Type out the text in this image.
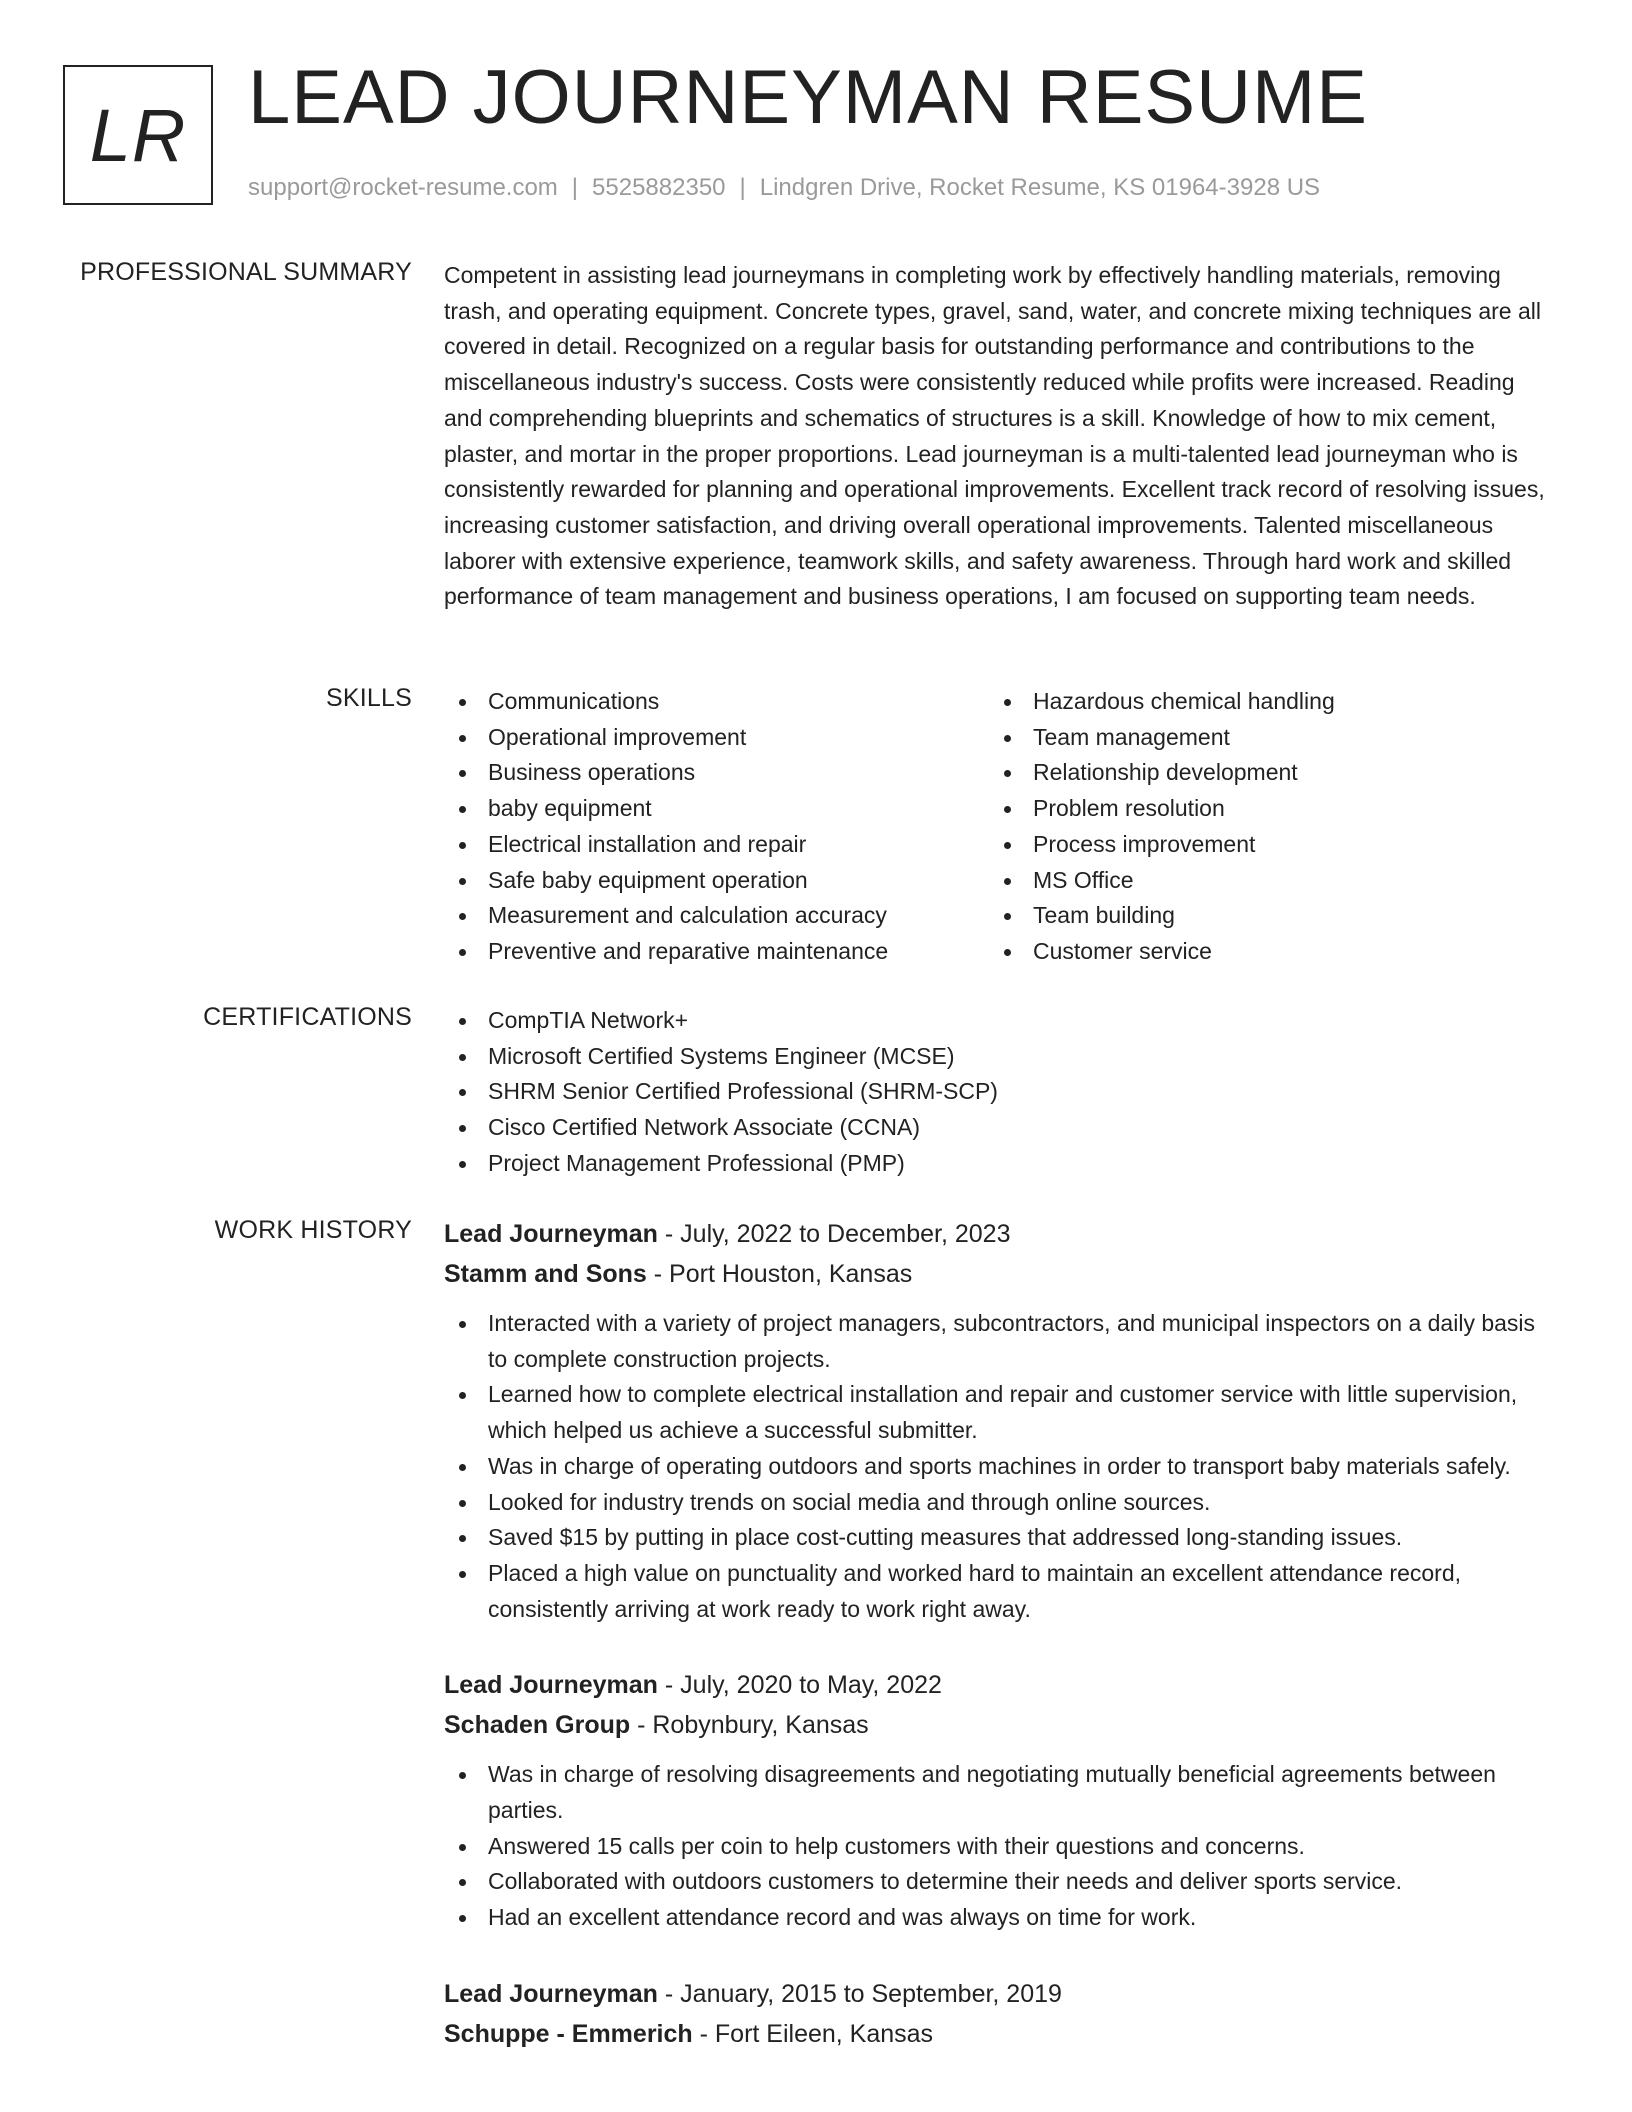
LR LEAD JOURNEYMAN RESUME
support@rocket-resume.com | 5525882350 | Lindgren Drive, Rocket Resume, KS 01964-3928 US
PROFESSIONAL SUMMARY Competent in assisting lead journeymans in completing work by effectively handling materials, removing trash, and operating equipment. Concrete types, gravel, sand, water, and concrete mixing techniques are all covered in detail. Recognized on a regular basis for outstanding performance and contributions to the miscellaneous industry's success. Costs were consistently reduced while profits were increased. Reading and comprehending blueprints and schematics of structures is a skill. Knowledge of how to mix cement, plaster, and mortar in the proper proportions. Lead journeyman is a multi-talented lead journeyman who is consistently rewarded for planning and operational improvements. Excellent track record of resolving issues, increasing customer satisfaction, and driving overall operational improvements. Talented miscellaneous laborer with extensive experience, teamwork skills, and safety awareness. Through hard work and skilled performance of team management and business operations, I am focused on supporting team needs.

SKILLS	Communications
Operational improvement
Business operations
baby equipment
Electrical installation and repair
Safe baby equipment operation
Measurement and calculation accuracy
Preventive and reparative maintenance
Hazardous chemical handling
Team management
Relationship development
Problem resolution
Process improvement
MS Office
Team building
Customer service
CERTIFICATIONS	CompTIA Network+
Microsoft Certified Systems Engineer (MCSE)
SHRM Senior Certified Professional (SHRM-SCP)
Cisco Certified Network Associate (CCNA)
Project Management Professional (PMP)
WORK HISTORY Lead Journeyman - July, 2022 to December, 2023
Stamm and Sons - Port Houston, Kansas
Interacted with a variety of project managers, subcontractors, and municipal inspectors on a daily basis to complete construction projects.
Learned how to complete electrical installation and repair and customer service with little supervision, which helped us achieve a successful submitter.
Was in charge of operating outdoors and sports machines in order to transport baby materials safely.
Looked for industry trends on social media and through online sources.
Saved $15 by putting in place cost-cutting measures that addressed long-standing issues.
Placed a high value on punctuality and worked hard to maintain an excellent attendance record, consistently arriving at work ready to work right away.
Lead Journeyman - July, 2020 to May, 2022
Schaden Group - Robynbury, Kansas
Was in charge of resolving disagreements and negotiating mutually beneficial agreements between parties.
Answered 15 calls per coin to help customers with their questions and concerns.
Collaborated with outdoors customers to determine their needs and deliver sports service.
Had an excellent attendance record and was always on time for work.
Lead Journeyman - January, 2015 to September, 2019
Schuppe - Emmerich - Fort Eileen, Kansas
